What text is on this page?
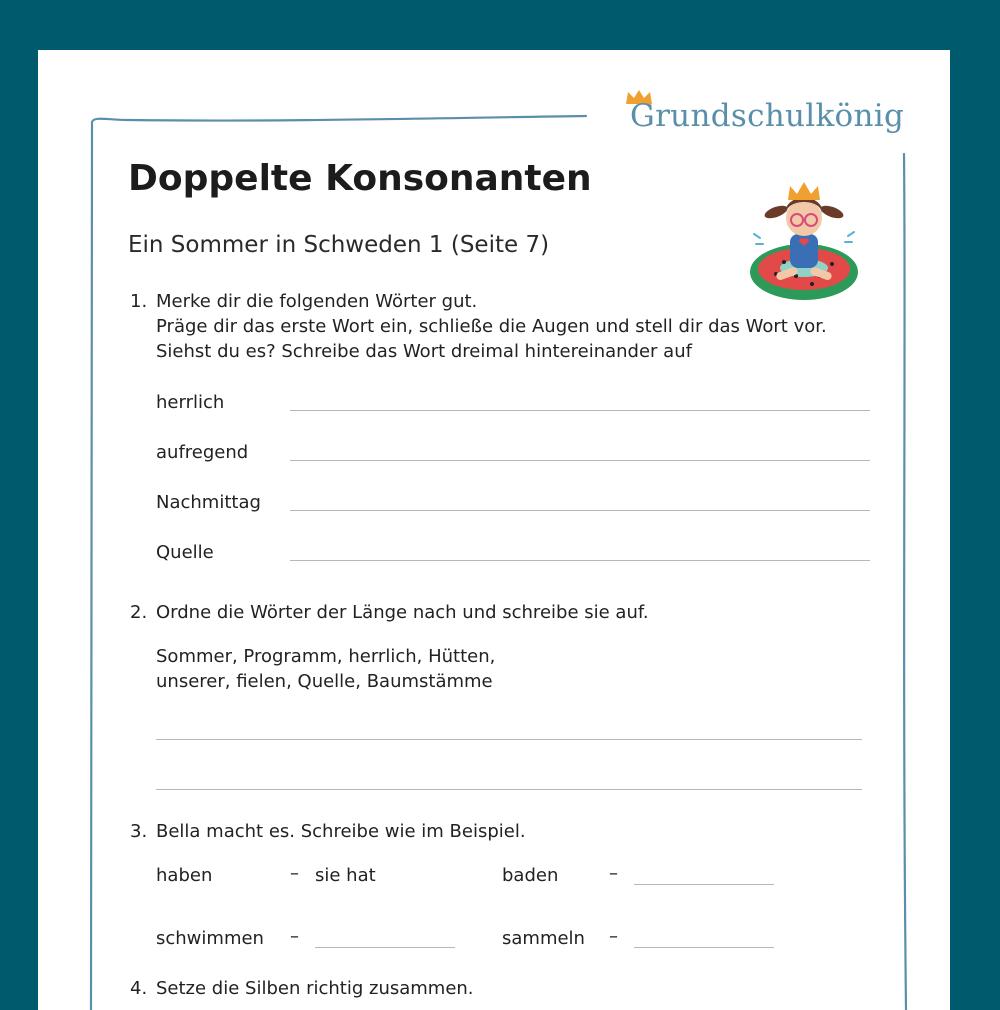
Grundschulkönig
Doppelte Konsonanten
Ein Sommer in Schweden 1 (Seite 7)
1. Merke dir die folgenden Wörter gut.
Präge dir das erste Wort ein, schließe die Augen und stell dir das Wort vor.
Siehst du es? Schreibe das Wort dreimal hintereinander auf
herrlich
aufregend
Nachmittag
Quelle
2. Ordne die Wörter der Länge nach und schreibe sie auf.
Sommer, Programm, herrlich, Hütten,
unserer, fielen, Quelle, Baumstämme
3. Bella macht es. Schreibe wie im Beispiel.
haben	– sie hat	baden	–
schwimmen –	sammeln –
4. Setze die Silben richtig zusammen.
